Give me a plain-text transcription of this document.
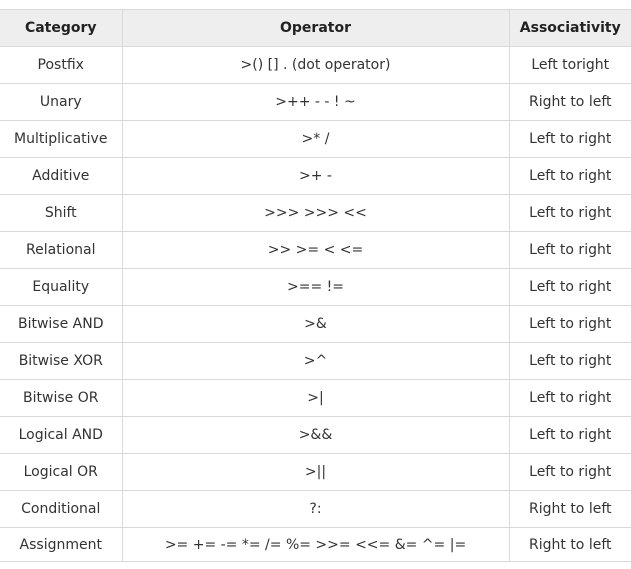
Category	Operator	Associativity
Postfix	>() [] . (dot operator)	Left toright
Unary	>++ - - ! ~	Right to left
Multiplicative	>* /	Left to right
Additive	>+ -	Left to right
Shift	>>> >>> <<	Left to right
Relational	>> >= < <=	Left to right
Equality	>== !=	Left to right
Bitwise AND	>&	Left to right
Bitwise XOR	>^	Left to right
Bitwise OR	>|	Left to right
Logical AND	>&&	Left to right
Logical OR	>||	Left to right
Conditional	?:	Right to left
Assignment	>= += -= *= /= %= >>= <<= &= ^= |=	Right to left
